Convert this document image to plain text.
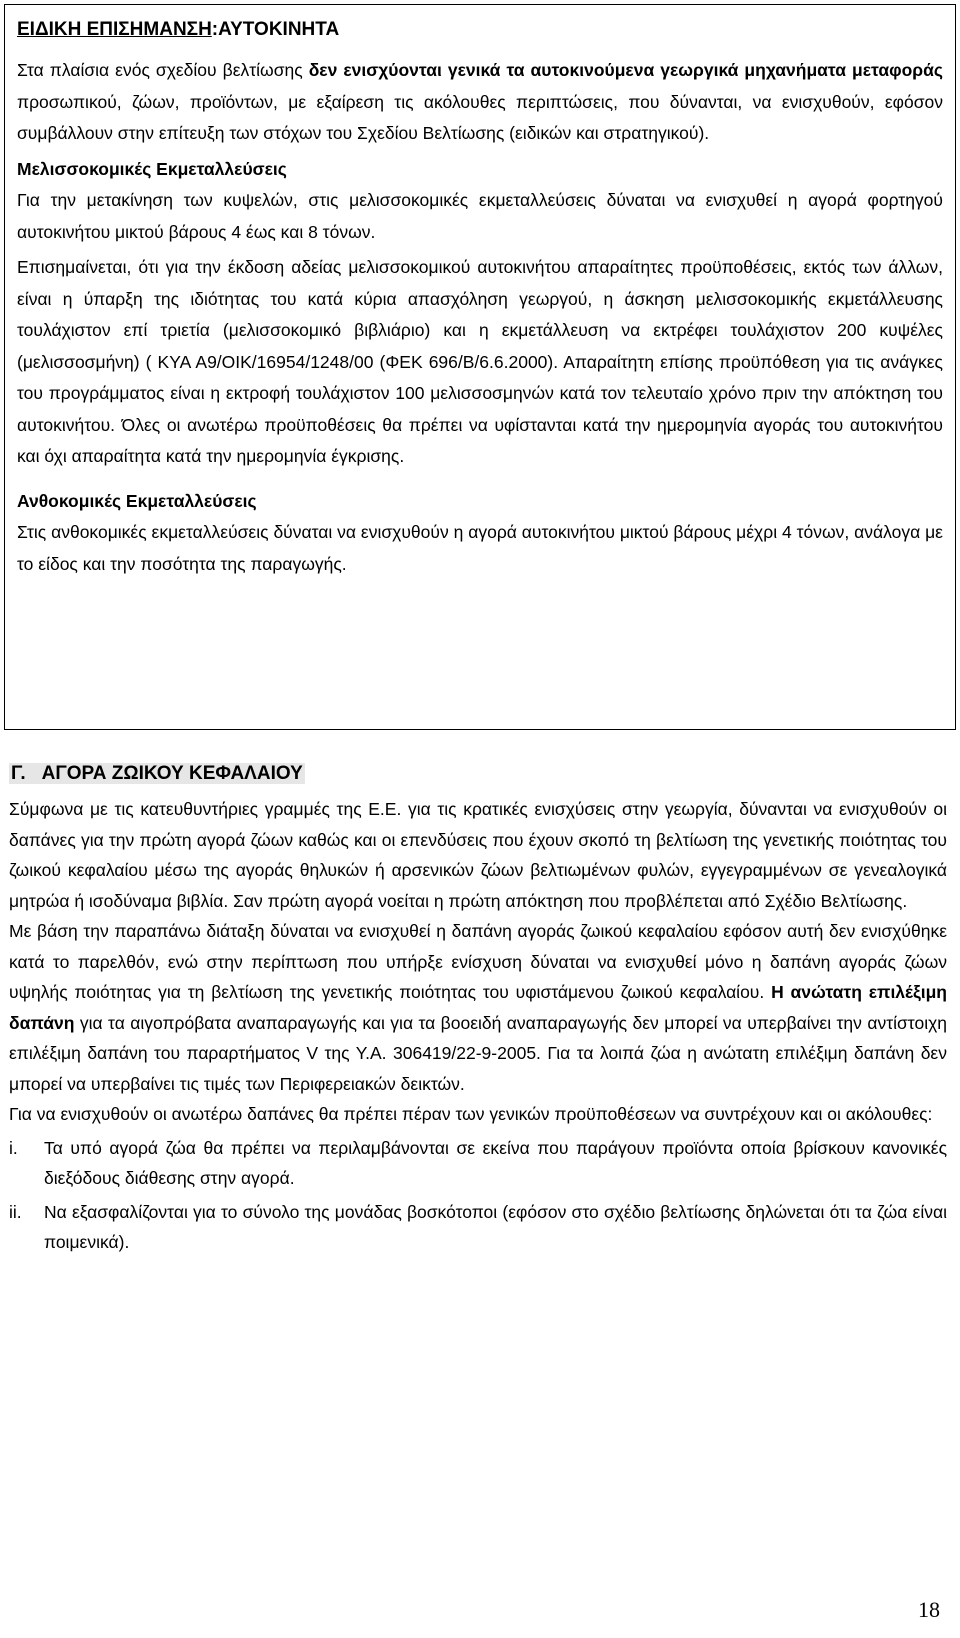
ΕΙΔΙΚΗ ΕΠΙΣΗΜΑΝΣΗ:ΑΥΤΟΚΙΝΗΤΑ

Στα πλαίσια ενός σχεδίου βελτίωσης δεν ενισχύονται γενικά τα αυτοκινούμενα γεωργικά μηχανήματα μεταφοράς προσωπικού, ζώων, προϊόντων, με εξαίρεση τις ακόλουθες περιπτώσεις, που δύνανται, να ενισχυθούν, εφόσον συμβάλλουν στην επίτευξη των στόχων του Σχεδίου Βελτίωσης (ειδικών και στρατηγικού).

Μελισσοκομικές Εκμεταλλεύσεις

Για την μετακίνηση των κυψελών, στις μελισσοκομικές εκμεταλλεύσεις δύναται να ενισχυθεί η αγορά φορτηγού αυτοκινήτου μικτού βάρους 4 έως και 8 τόνων.

Επισημαίνεται, ότι για την έκδοση αδείας μελισσοκομικού αυτοκινήτου απαραίτητες προϋποθέσεις, εκτός των άλλων, είναι η ύπαρξη της ιδιότητας του κατά κύρια απασχόληση γεωργού, η άσκηση μελισσοκομικής εκμετάλλευσης τουλάχιστον επί τριετία (μελισσοκομικό βιβλιάριο) και η εκμετάλλευση να εκτρέφει τουλάχιστον 200 κυψέλες (μελισσοσμήνη) ( ΚΥΑ Α9/ΟΙΚ/16954/1248/00 (ΦΕΚ 696/Β/6.6.2000). Απαραίτητη επίσης προϋπόθεση για τις ανάγκες του προγράμματος είναι η εκτροφή τουλάχιστον 100 μελισσοσμηνών κατά τον τελευταίο χρόνο πριν την απόκτηση του αυτοκινήτου. Όλες οι ανωτέρω προϋποθέσεις θα πρέπει να υφίστανται κατά την ημερομηνία αγοράς του αυτοκινήτου και όχι απαραίτητα κατά την ημερομηνία έγκρισης.

Ανθοκομικές Εκμεταλλεύσεις

Στις ανθοκομικές εκμεταλλεύσεις δύναται να ενισχυθούν η αγορά αυτοκινήτου μικτού βάρους μέχρι 4 τόνων, ανάλογα με το είδος και την ποσότητα της παραγωγής.

Γ. ΑΓΟΡΑ ΖΩΙΚΟΥ ΚΕΦΑΛΑΙΟΥ

Σύμφωνα με τις κατευθυντήριες γραμμές της Ε.Ε. για τις κρατικές ενισχύσεις στην γεωργία, δύνανται να ενισχυθούν οι δαπάνες για την πρώτη αγορά ζώων καθώς και οι επενδύσεις που έχουν σκοπό τη βελτίωση της γενετικής ποιότητας του ζωικού κεφαλαίου μέσω της αγοράς θηλυκών ή αρσενικών ζώων βελτιωμένων φυλών, εγγεγραμμένων σε γενεαλογικά μητρώα ή ισοδύναμα βιβλία. Σαν πρώτη αγορά νοείται η πρώτη απόκτηση που προβλέπεται από Σχέδιο Βελτίωσης.

Με βάση την παραπάνω διάταξη δύναται να ενισχυθεί η δαπάνη αγοράς ζωικού κεφαλαίου εφόσον αυτή δεν ενισχύθηκε κατά το παρελθόν, ενώ στην περίπτωση που υπήρξε ενίσχυση δύναται να ενισχυθεί μόνο η δαπάνη αγοράς ζώων υψηλής ποιότητας για τη βελτίωση της γενετικής ποιότητας του υφιστάμενου ζωικού κεφαλαίου. Η ανώτατη επιλέξιμη δαπάνη για τα αιγοπρόβατα αναπαραγωγής και για τα βοοειδή αναπαραγωγής δεν μπορεί να υπερβαίνει την αντίστοιχη επιλέξιμη δαπάνη του παραρτήματος V της Υ.Α. 306419/22-9-2005. Για τα λοιπά ζώα η ανώτατη επιλέξιμη δαπάνη δεν μπορεί να υπερβαίνει τις τιμές των Περιφερειακών δεικτών.

Για να ενισχυθούν οι ανωτέρω δαπάνες θα πρέπει πέραν των γενικών προϋποθέσεων να συντρέχουν και οι ακόλουθες:

i.	Τα υπό αγορά ζώα θα πρέπει να περιλαμβάνονται σε εκείνα που παράγουν προϊόντα οποία βρίσκουν κανονικές διεξόδους διάθεσης στην αγορά.
ii.	Να εξασφαλίζονται για το σύνολο της μονάδας βοσκότοποι (εφόσον στο σχέδιο βελτίωσης δηλώνεται ότι τα ζώα είναι ποιμενικά).
18
